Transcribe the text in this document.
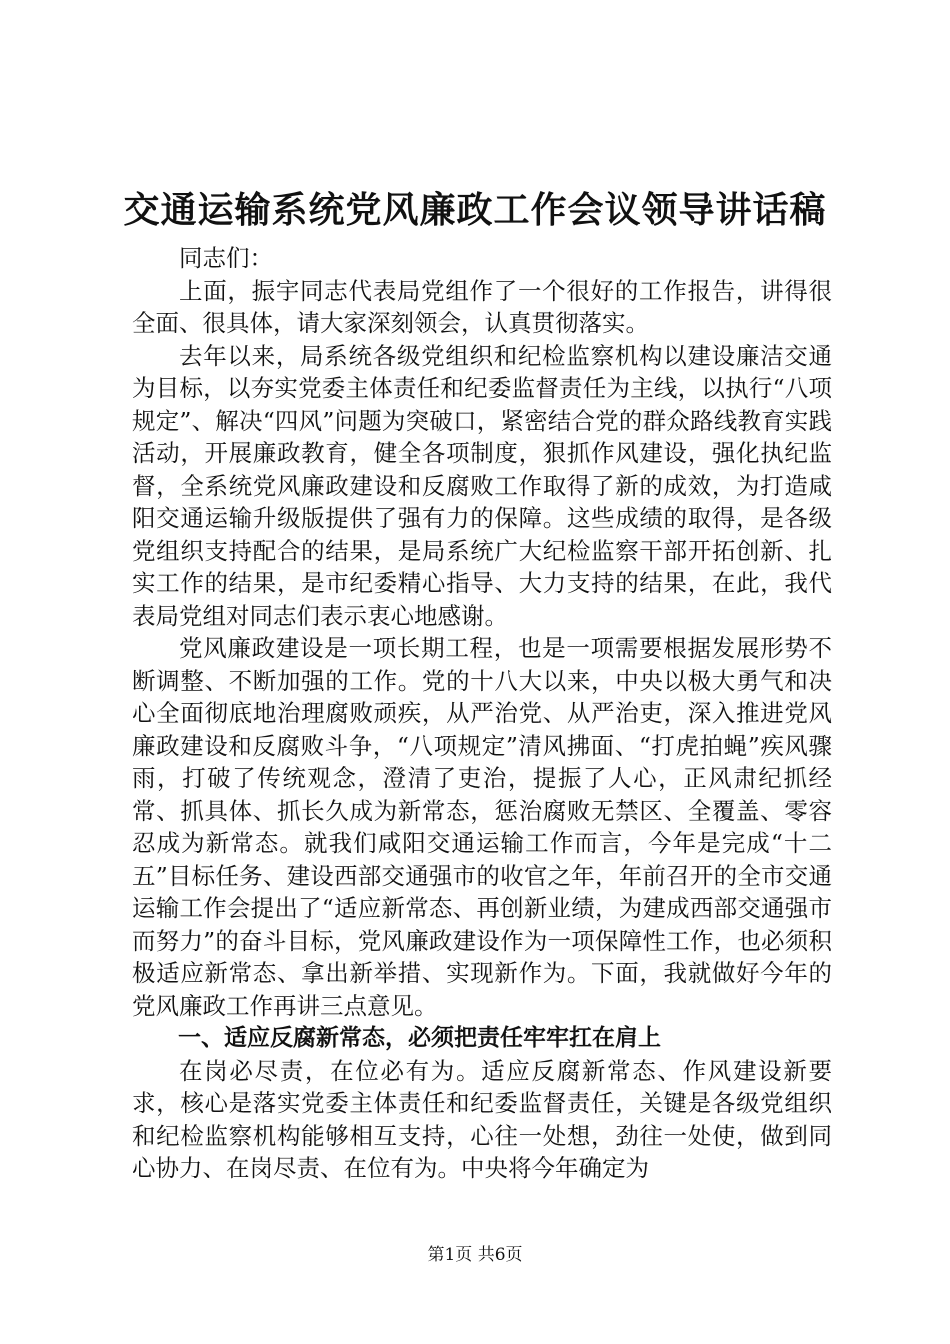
交通运输系统党风廉政工作会议领导讲话稿

同志们：

上面，振宇同志代表局党组作了一个很好的工作报告，讲得很全面、很具体，请大家深刻领会，认真贯彻落实。

去年以来，局系统各级党组织和纪检监察机构以建设廉洁交通为目标，以夯实党委主体责任和纪委监督责任为主线，以执行“八项规定”、解决“四风”问题为突破口，紧密结合党的群众路线教育实践活动，开展廉政教育，健全各项制度，狠抓作风建设，强化执纪监督，全系统党风廉政建设和反腐败工作取得了新的成效，为打造咸阳交通运输升级版提供了强有力的保障。这些成绩的取得，是各级党组织支持配合的结果，是局系统广大纪检监察干部开拓创新、扎实工作的结果，是市纪委精心指导、大力支持的结果，在此，我代表局党组对同志们表示衷心地感谢。

党风廉政建设是一项长期工程，也是一项需要根据发展形势不断调整、不断加强的工作。党的十八大以来，中央以极大勇气和决心全面彻底地治理腐败顽疾，从严治党、从严治吏，深入推进党风廉政建设和反腐败斗争，“八项规定”清风拂面、“打虎拍蝇”疾风骤雨，打破了传统观念，澄清了吏治，提振了人心，正风肃纪抓经常、抓具体、抓长久成为新常态，惩治腐败无禁区、全覆盖、零容忍成为新常态。就我们咸阳交通运输工作而言，今年是完成“十二五”目标任务、建设西部交通强市的收官之年，年前召开的全市交通运输工作会提出了“适应新常态、再创新业绩，为建成西部交通强市而努力”的奋斗目标，党风廉政建设作为一项保障性工作，也必须积极适应新常态、拿出新举措、实现新作为。下面，我就做好今年的党风廉政工作再讲三点意见。

一、适应反腐新常态，必须把责任牢牢扛在肩上

在岗必尽责，在位必有为。适应反腐新常态、作风建设新要求，核心是落实党委主体责任和纪委监督责任，关键是各级党组织和纪检监察机构能够相互支持，心往一处想，劲往一处使，做到同心协力、在岗尽责、在位有为。中央将今年确定为

第1页 共6页
